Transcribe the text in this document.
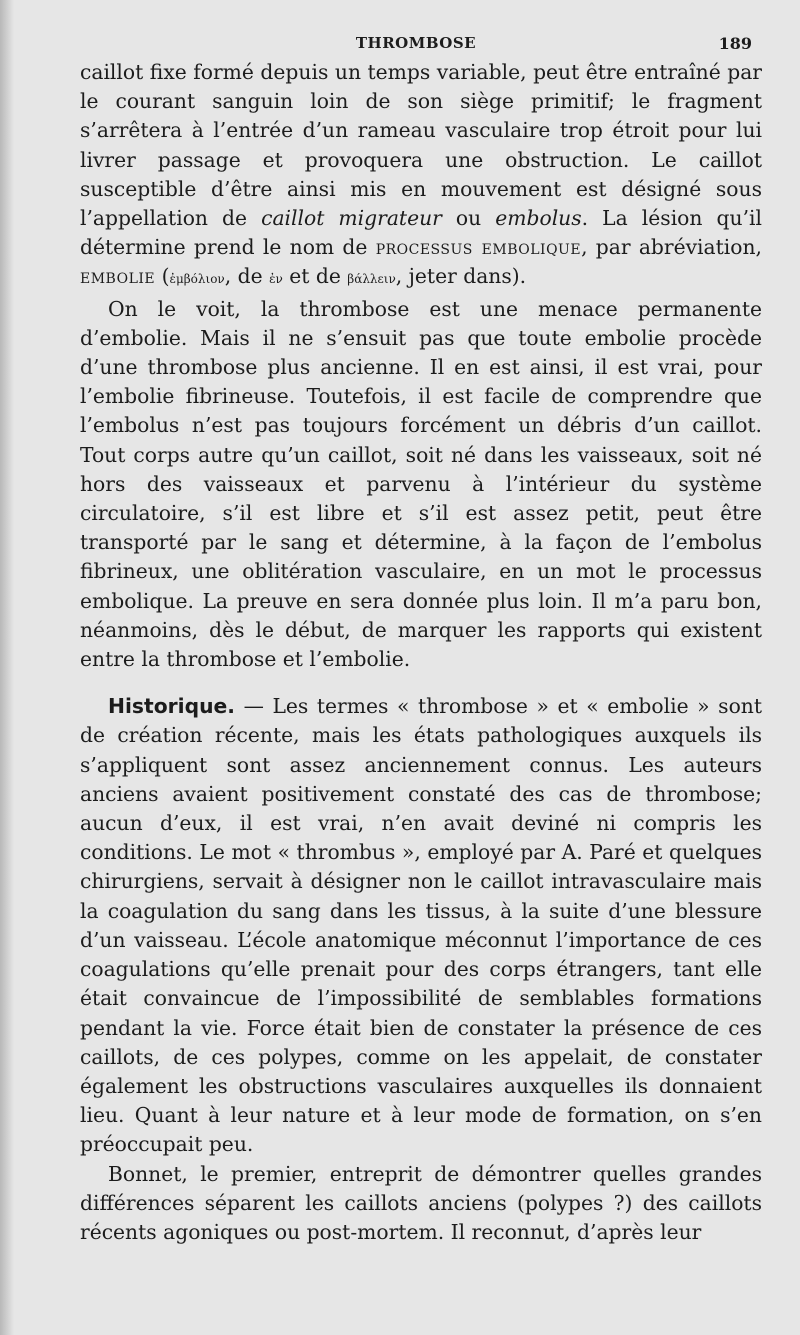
THROMBOSE	189

caillot fixe formé depuis un temps variable, peut être entraîné par le courant sanguin loin de son siège primitif; le fragment s’arrêtera à l’entrée d’un rameau vasculaire trop étroit pour lui livrer passage et provoquera une obstruction. Le caillot susceptible d’être ainsi mis en mouvement est désigné sous l’appellation de caillot migrateur ou embolus. La lésion qu’il détermine prend le nom de processus embolique, par abréviation, embolie (ἐμβόλιον, de ἐν et de βάλλειν, jeter dans).

On le voit, la thrombose est une menace permanente d’embolie. Mais il ne s’ensuit pas que toute embolie procède d’une thrombose plus ancienne. Il en est ainsi, il est vrai, pour l’embolie fibrineuse. Toutefois, il est facile de comprendre que l’embolus n’est pas toujours forcément un débris d’un caillot. Tout corps autre qu’un caillot, soit né dans les vaisseaux, soit né hors des vaisseaux et parvenu à l’intérieur du système circulatoire, s’il est libre et s’il est assez petit, peut être transporté par le sang et détermine, à la façon de l’embolus fibrineux, une oblitération vasculaire, en un mot le processus embolique. La preuve en sera donnée plus loin. Il m’a paru bon, néanmoins, dès le début, de marquer les rapports qui existent entre la thrombose et l’embolie.

Historique. — Les termes « thrombose » et « embolie » sont de création récente, mais les états pathologiques auxquels ils s’appliquent sont assez anciennement connus. Les auteurs anciens avaient positivement constaté des cas de thrombose; aucun d’eux, il est vrai, n’en avait deviné ni compris les conditions. Le mot « thrombus », employé par A. Paré et quelques chirurgiens, servait à désigner non le caillot intravasculaire mais la coagulation du sang dans les tissus, à la suite d’une blessure d’un vaisseau. L’école anatomique méconnut l’importance de ces coagulations qu’elle prenait pour des corps étrangers, tant elle était convaincue de l’impossibilité de semblables formations pendant la vie. Force était bien de constater la présence de ces caillots, de ces polypes, comme on les appelait, de constater également les obstructions vasculaires auxquelles ils donnaient lieu. Quant à leur nature et à leur mode de formation, on s’en préoccupait peu.

Bonnet, le premier, entreprit de démontrer quelles grandes différences séparent les caillots anciens (polypes ?) des caillots récents agoniques ou post-mortem. Il reconnut, d’après leur
